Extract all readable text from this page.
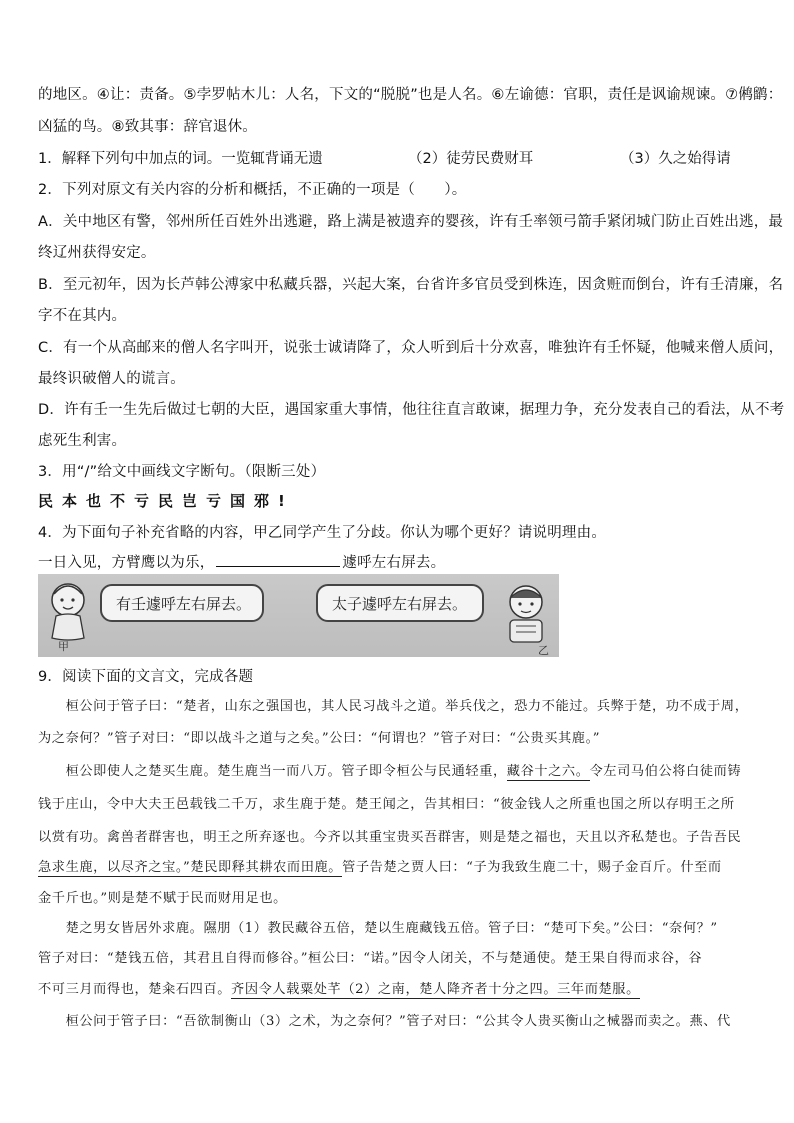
的地区。④让：责备。⑤孛罗帖木儿：人名，下文的“脱脱”也是人名。⑥左谕德：官职，责任是讽谕规谏。⑦鸺鹠：
凶猛的鸟。⑧致其事：辞官退休。
1．解释下列句中加点的词。一览辄背诵无遗	（2）徒劳民费财耳	（3）久之始得请
2．下列对原文有关内容的分析和概括，不正确的一项是（　　）。
A．关中地区有警，邻州所任百姓外出逃避，路上满是被遗弃的婴孩，许有壬率领弓箭手紧闭城门防止百姓出逃，最
终辽州获得安定。
B．至元初年，因为长芦韩公溥家中私藏兵器，兴起大案，台省许多官员受到株连，因贪赃而倒台，许有壬清廉，名
字不在其内。
C．有一个从高邮来的僧人名字叫开，说张士诚请降了，众人听到后十分欢喜，唯独许有壬怀疑，他喊来僧人质问，
最终识破僧人的谎言。
D．许有壬一生先后做过七朝的大臣，遇国家重大事情，他往往直言敢谏，据理力争，充分发表自己的看法，从不考
虑死生利害。
3．用“/”给文中画线文字断句。（限断三处）
民本也不亏民岂亏国邪!
4．为下面句子补充省略的内容，甲乙同学产生了分歧。你认为哪个更好？请说明理由。
一日入见，方臂鹰以为乐，	遽呼左右屏去。
甲
有壬遽呼左右屏去。	太子遽呼左右屏去。
乙
9．阅读下面的文言文，完成各题
　　桓公问于管子曰：“楚者，山东之强国也，其人民习战斗之道。举兵伐之，恐力不能过。兵弊于楚，功不成于周，
为之奈何？”管子对曰：“即以战斗之道与之矣。”公曰：“何谓也？”管子对曰：“公贵买其鹿。”
　　桓公即使人之楚买生鹿。楚生鹿当一而八万。管子即令桓公与民通轻重，藏谷十之六。令左司马伯公将白徒而铸
钱于庄山，令中大夫王邑载钱二千万，求生鹿于楚。楚王闻之，告其相曰：“彼金钱人之所重也国之所以存明王之所
以赏有功。禽兽者群害也，明王之所弃逐也。今齐以其重宝贵买吾群害，则是楚之福也，天且以齐私楚也。子告吾民
急求生鹿，以尽齐之宝。”楚民即释其耕农而田鹿。管子告楚之贾人曰：“子为我致生鹿二十，赐子金百斤。什至而
金千斤也。”则是楚不赋于民而财用足也。
　　楚之男女皆居外求鹿。隰朋（1）教民藏谷五倍，楚以生鹿藏钱五倍。管子曰：“楚可下矣。”公曰：“奈何？”
管子对曰：“楚钱五倍，其君且自得而修谷。”桓公曰：“诺。”因令人闭关，不与楚通使。楚王果自得而求谷，谷
不可三月而得也，楚籴石四百。齐因令人载粟处芊（2）之南，楚人降齐者十分之四。三年而楚服。
　　桓公问于管子曰：“吾欲制衡山（3）之术，为之奈何？”管子对曰：“公其令人贵买衡山之械器而卖之。燕、代
